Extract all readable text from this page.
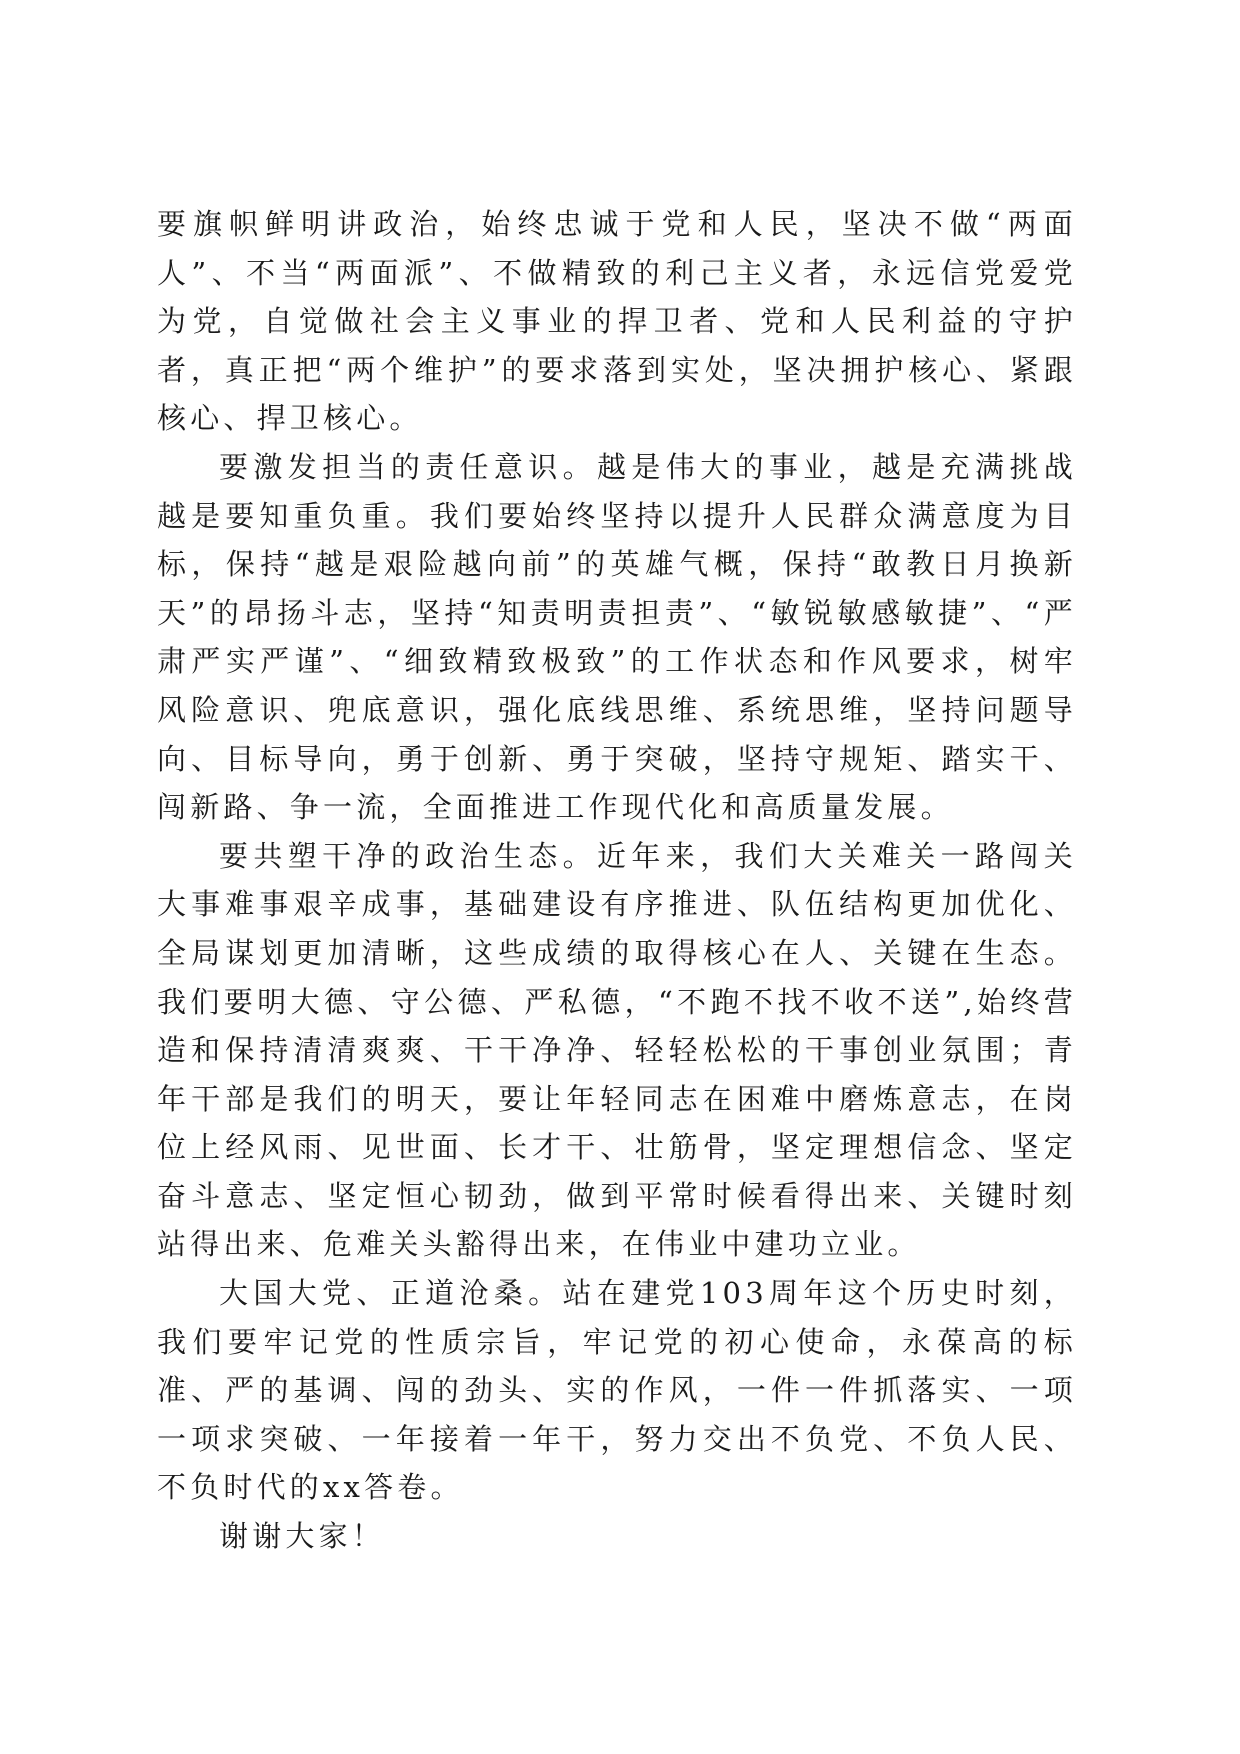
要旗帜鲜明讲政治，始终忠诚于党和人民，坚决不做“两面人”、不当“两面派”、不做精致的利己主义者，永远信党爱党为党，自觉做社会主义事业的捍卫者、党和人民利益的守护者，真正把“两个维护”的要求落到实处，坚决拥护核心、紧跟核心、捍卫核心。

要激发担当的责任意识。越是伟大的事业，越是充满挑战越是要知重负重。我们要始终坚持以提升人民群众满意度为目标，保持“越是艰险越向前”的英雄气概，保持“敢教日月换新天”的昂扬斗志，坚持“知责明责担责”、“敏锐敏感敏捷”、“严肃严实严谨”、“细致精致极致”的工作状态和作风要求，树牢风险意识、兜底意识，强化底线思维、系统思维，坚持问题导向、目标导向，勇于创新、勇于突破，坚持守规矩、踏实干、闯新路、争一流，全面推进工作现代化和高质量发展。

要共塑干净的政治生态。近年来，我们大关难关一路闯关大事难事艰辛成事，基础建设有序推进、队伍结构更加优化、全局谋划更加清晰，这些成绩的取得核心在人、关键在生态。我们要明大德、守公德、严私德，“不跑不找不收不送”,始终营造和保持清清爽爽、干干净净、轻轻松松的干事创业氛围；青年干部是我们的明天，要让年轻同志在困难中磨炼意志，在岗位上经风雨、见世面、长才干、壮筋骨，坚定理想信念、坚定奋斗意志、坚定恒心韧劲，做到平常时候看得出来、关键时刻站得出来、危难关头豁得出来，在伟业中建功立业。

大国大党、正道沧桑。站在建党103周年这个历史时刻，我们要牢记党的性质宗旨，牢记党的初心使命，永葆高的标准、严的基调、闯的劲头、实的作风，一件一件抓落实、一项一项求突破、一年接着一年干，努力交出不负党、不负人民、不负时代的xx答卷。

谢谢大家！
